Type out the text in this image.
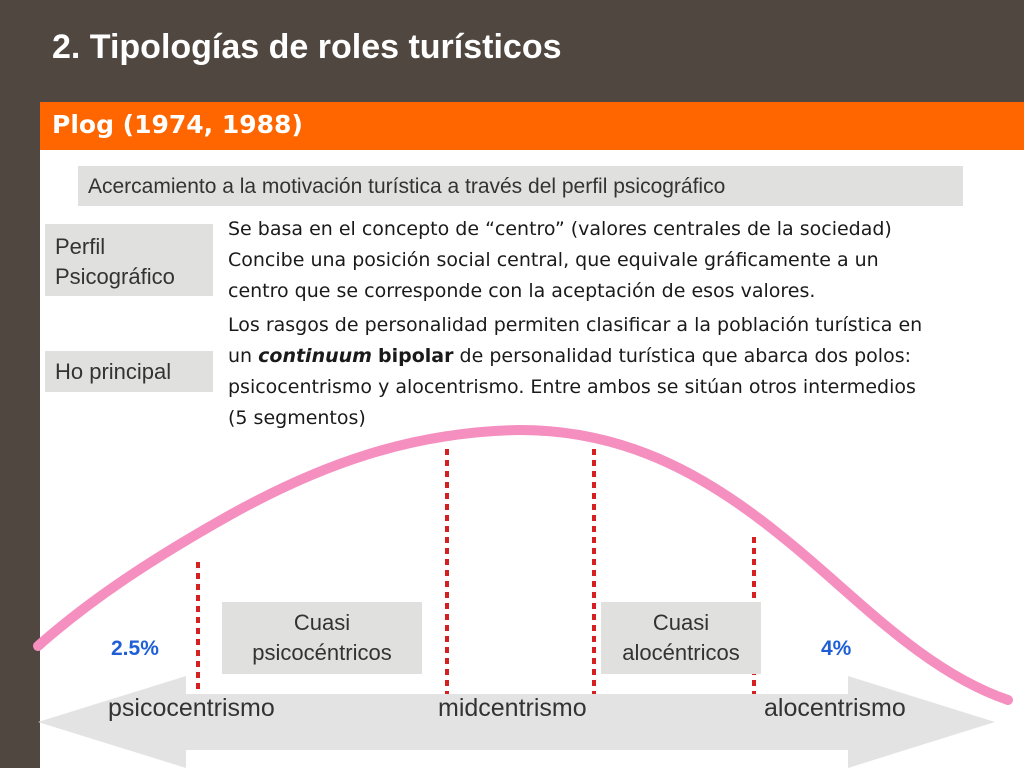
2. Tipologías de roles turísticos
Plog (1974, 1988)
Acercamiento a la motivación turística a través del perfil psicográfico
Perfil
Psicográfico
Ho principal
Se basa en el concepto de “centro” (valores centrales de la sociedad)
Concibe una posición social central, que equivale gráficamente a un
centro que se corresponde con la aceptación de esos valores.
Los rasgos de personalidad permiten clasificar a la población turística en
un continuum bipolar de personalidad turística que abarca dos polos:
psicocentrismo y alocentrismo. Entre ambos se sitúan otros intermedios
(5 segmentos)
Cuasi
psicocéntricos
Cuasi
alocéntricos
2.5%	4%
psicocentrismo	midcentrismo	alocentrismo
